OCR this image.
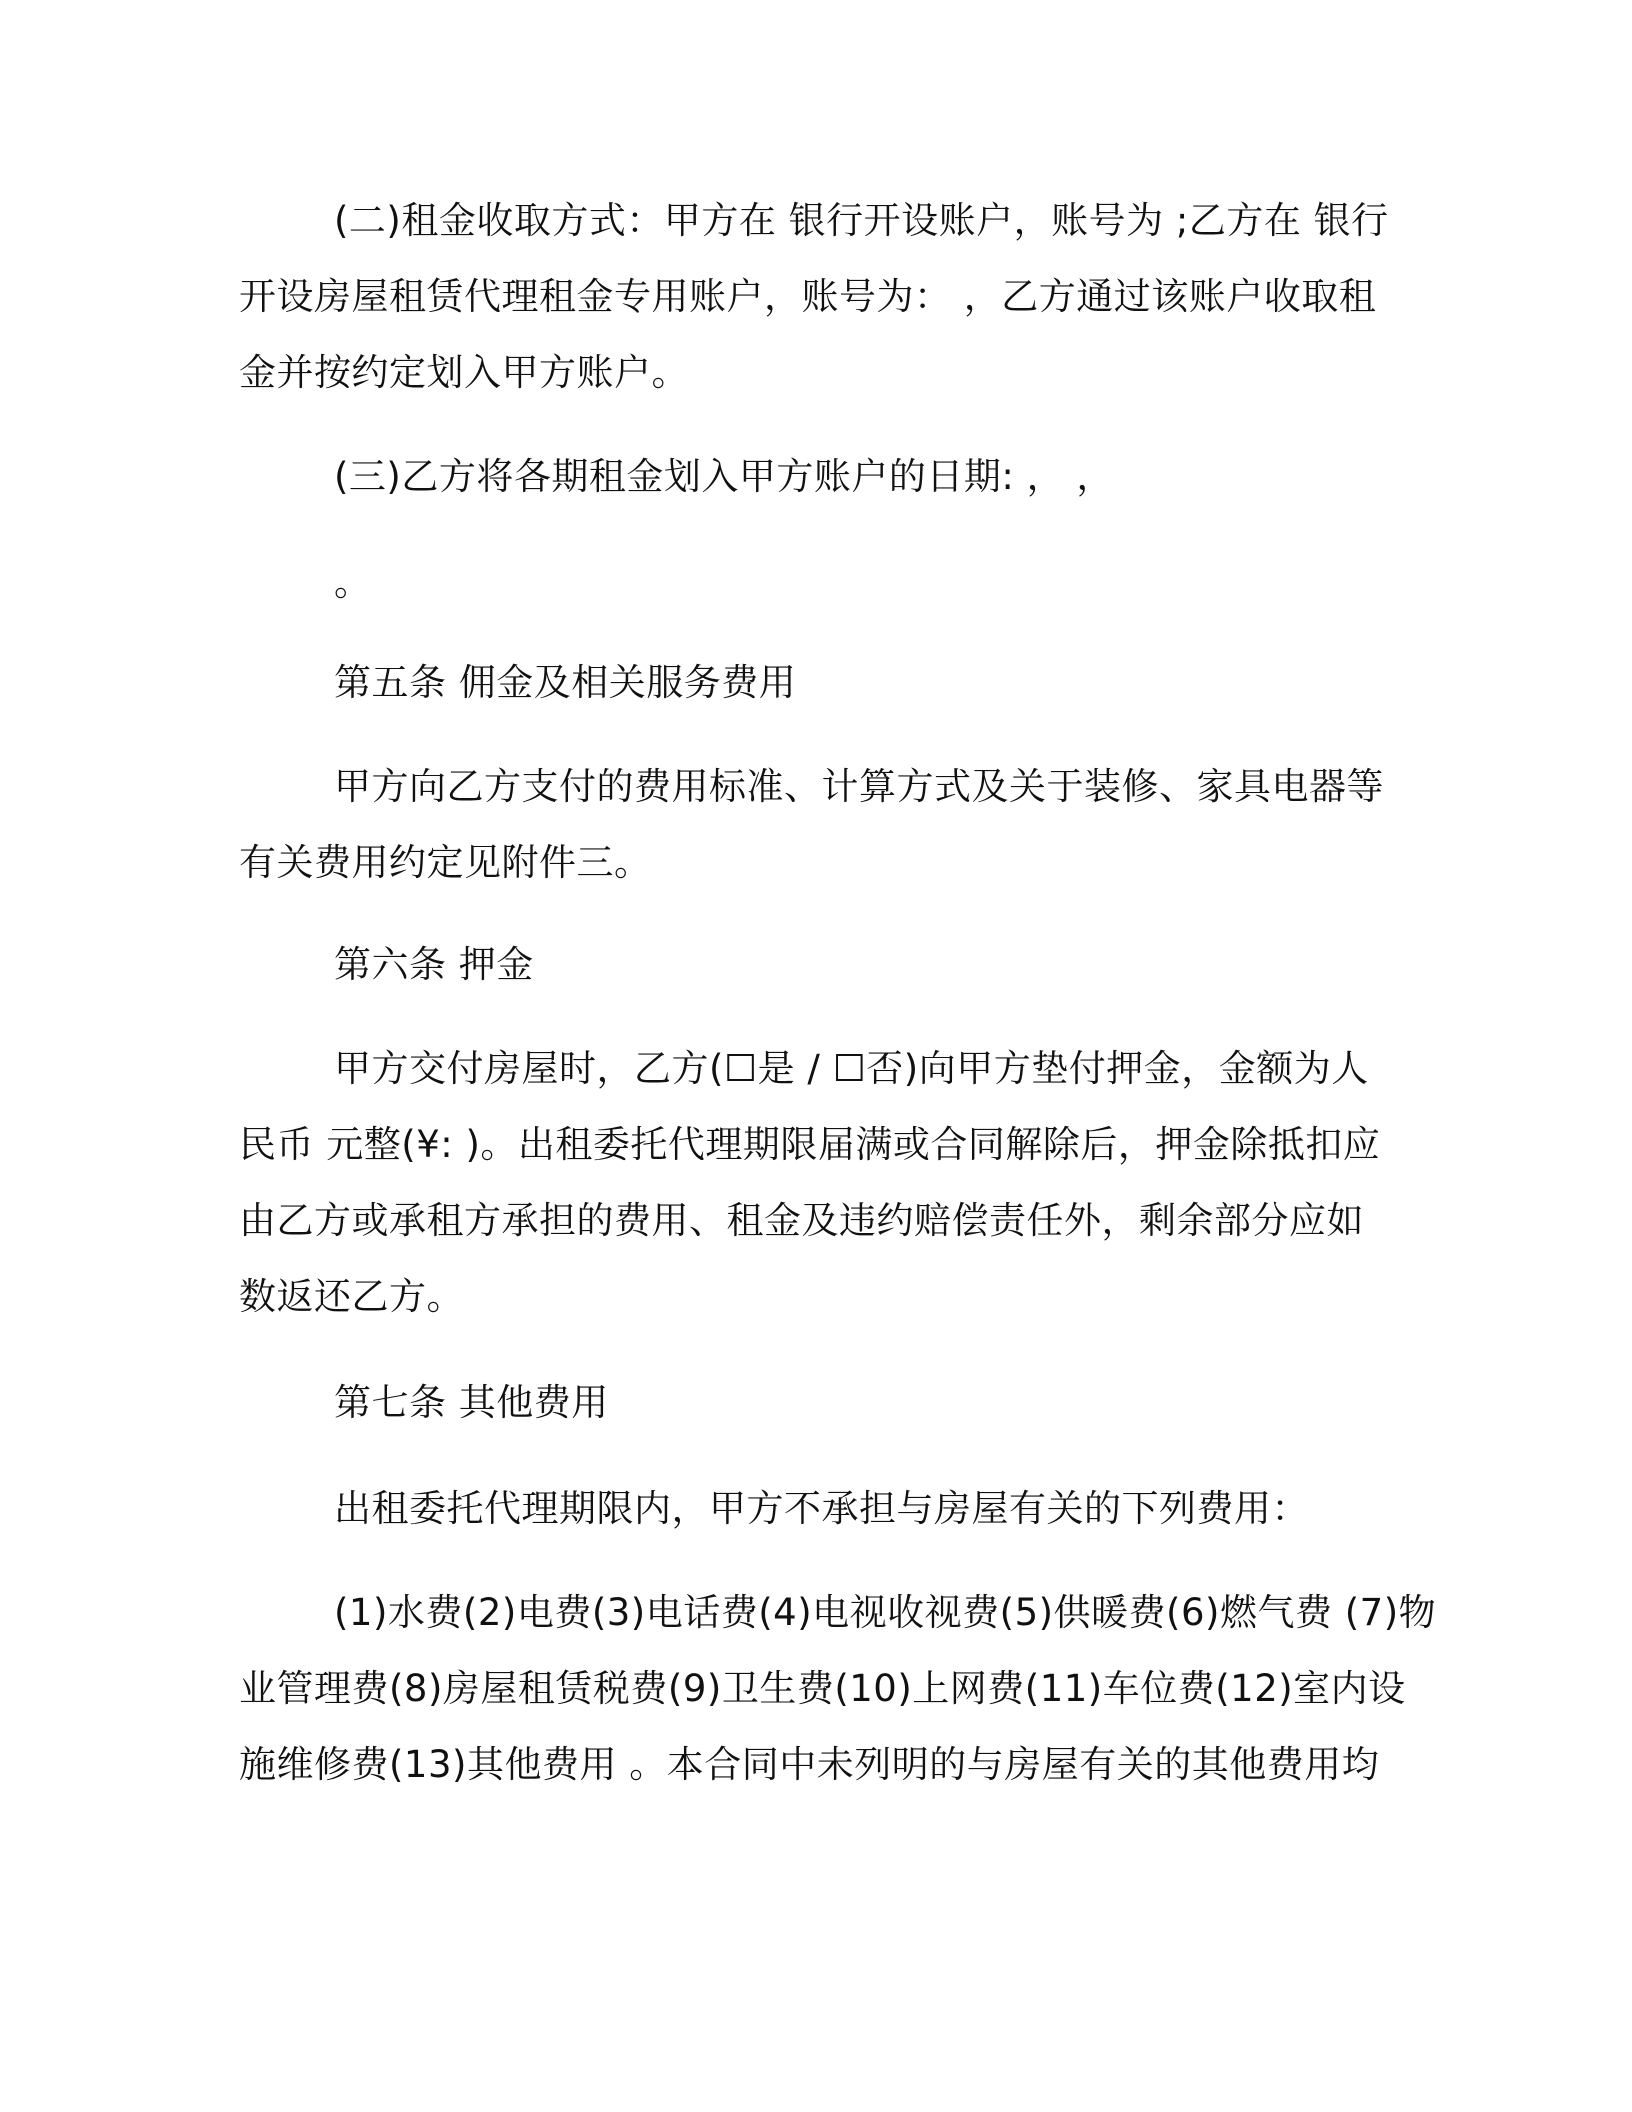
(二)租金收取方式：甲方在 银行开设账户，账号为 ;乙方在 银行

开设房屋租赁代理租金专用账户，账号为： ，乙方通过该账户收取租

金并按约定划入甲方账户。

(三)乙方将各期租金划入甲方账户的日期: ， ，

。

第五条 佣金及相关服务费用

甲方向乙方支付的费用标准、计算方式及关于装修、家具电器等

有关费用约定见附件三。

第六条 押金

甲方交付房屋时，乙方(☐是 / ☐否)向甲方垫付押金，金额为人

民币 元整(¥: )。出租委托代理期限届满或合同解除后，押金除抵扣应

由乙方或承租方承担的费用、租金及违约赔偿责任外，剩余部分应如

数返还乙方。

第七条 其他费用

出租委托代理期限内，甲方不承担与房屋有关的下列费用：

(1)水费(2)电费(3)电话费(4)电视收视费(5)供暖费(6)燃气费 (7)物

业管理费(8)房屋租赁税费(9)卫生费(10)上网费(11)车位费(12)室内设

施维修费(13)其他费用 。本合同中未列明的与房屋有关的其他费用均
